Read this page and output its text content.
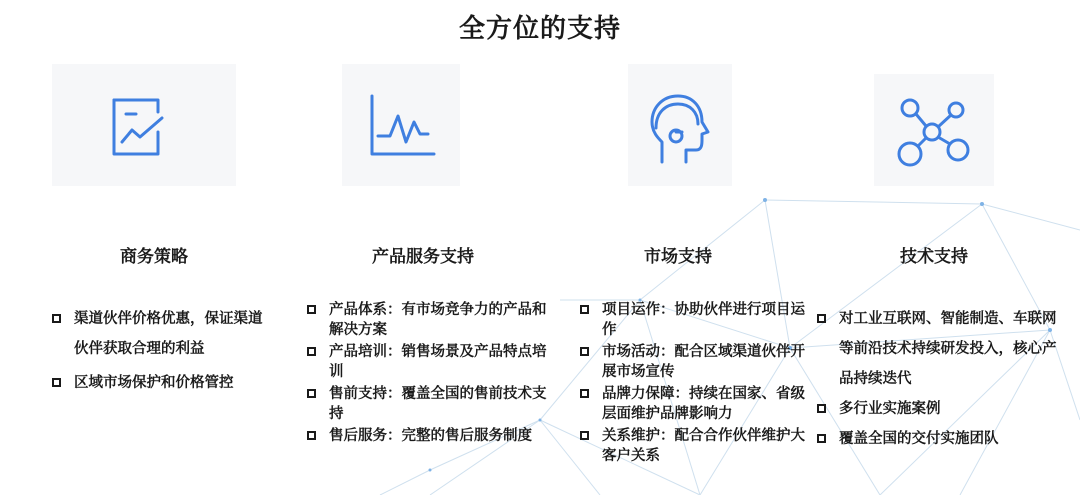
全方位的支持
商务策略
渠道伙伴价格优惠，保证渠道伙伴获取合理的利益
区域市场保护和价格管控
产品服务支持
产品体系：有市场竞争力的产品和解决方案
产品培训：销售场景及产品特点培训
售前支持：覆盖全国的售前技术支持
售后服务：完整的售后服务制度
市场支持
项目运作：协助伙伴进行项目运作
市场活动：配合区域渠道伙伴开展市场宣传
品牌力保障：持续在国家、省级层面维护品牌影响力
关系维护：配合合作伙伴维护大客户关系
技术支持
对工业互联网、智能制造、车联网等前沿技术持续研发投入，核心产品持续迭代
多行业实施案例
覆盖全国的交付实施团队
